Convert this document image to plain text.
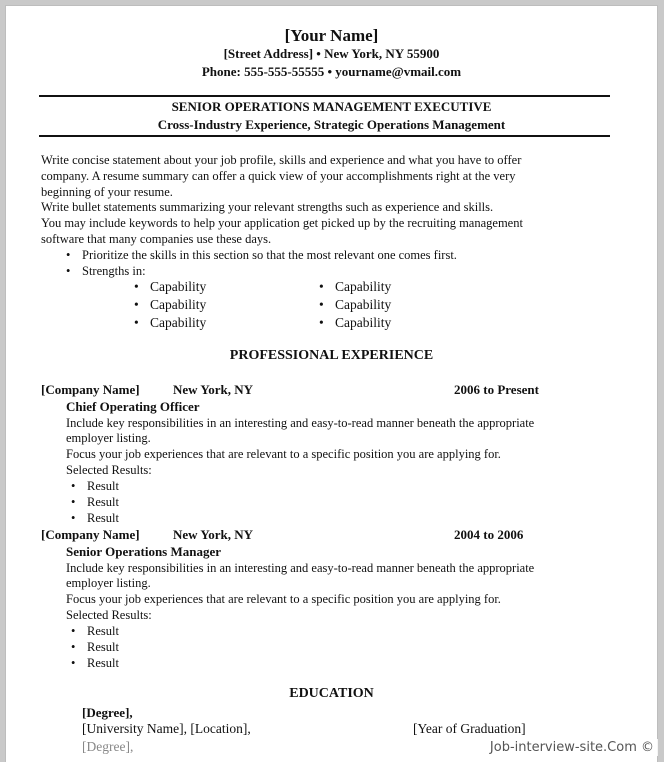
[Your Name]
[Street Address] • New York, NY 55900
Phone: 555-555-55555 • yourname@vmail.com
SENIOR OPERATIONS MANAGEMENT EXECUTIVE
Cross-Industry Experience, Strategic Operations Management
Write concise statement about your job profile, skills and experience and what you have to offer
company. A resume summary can offer a quick view of your accomplishments right at the very
beginning of your resume.
Write bullet statements summarizing your relevant strengths such as experience and skills.
You may include keywords to help your application get picked up by the recruiting management
software that many companies use these days.
• Prioritize the skills in this section so that the most relevant one comes first.
• Strengths in:
• Capability
• Capability
• Capability
• Capability
• Capability
• Capability
PROFESSIONAL EXPERIENCE
[Company Name]	New York, NY	2006 to Present
Chief Operating Officer
Include key responsibilities in an interesting and easy-to-read manner beneath the appropriate
employer listing.
Focus your job experiences that are relevant to a specific position you are applying for.
Selected Results:
• Result
• Result
• Result
[Company Name]	New York, NY	2004 to 2006
Senior Operations Manager
Include key responsibilities in an interesting and easy-to-read manner beneath the appropriate
employer listing.
Focus your job experiences that are relevant to a specific position you are applying for.
Selected Results:
• Result
• Result
• Result
EDUCATION
[Degree],
[University Name], [Location],	[Year of Graduation]
[Degree],	Job-interview-site.Com ©
